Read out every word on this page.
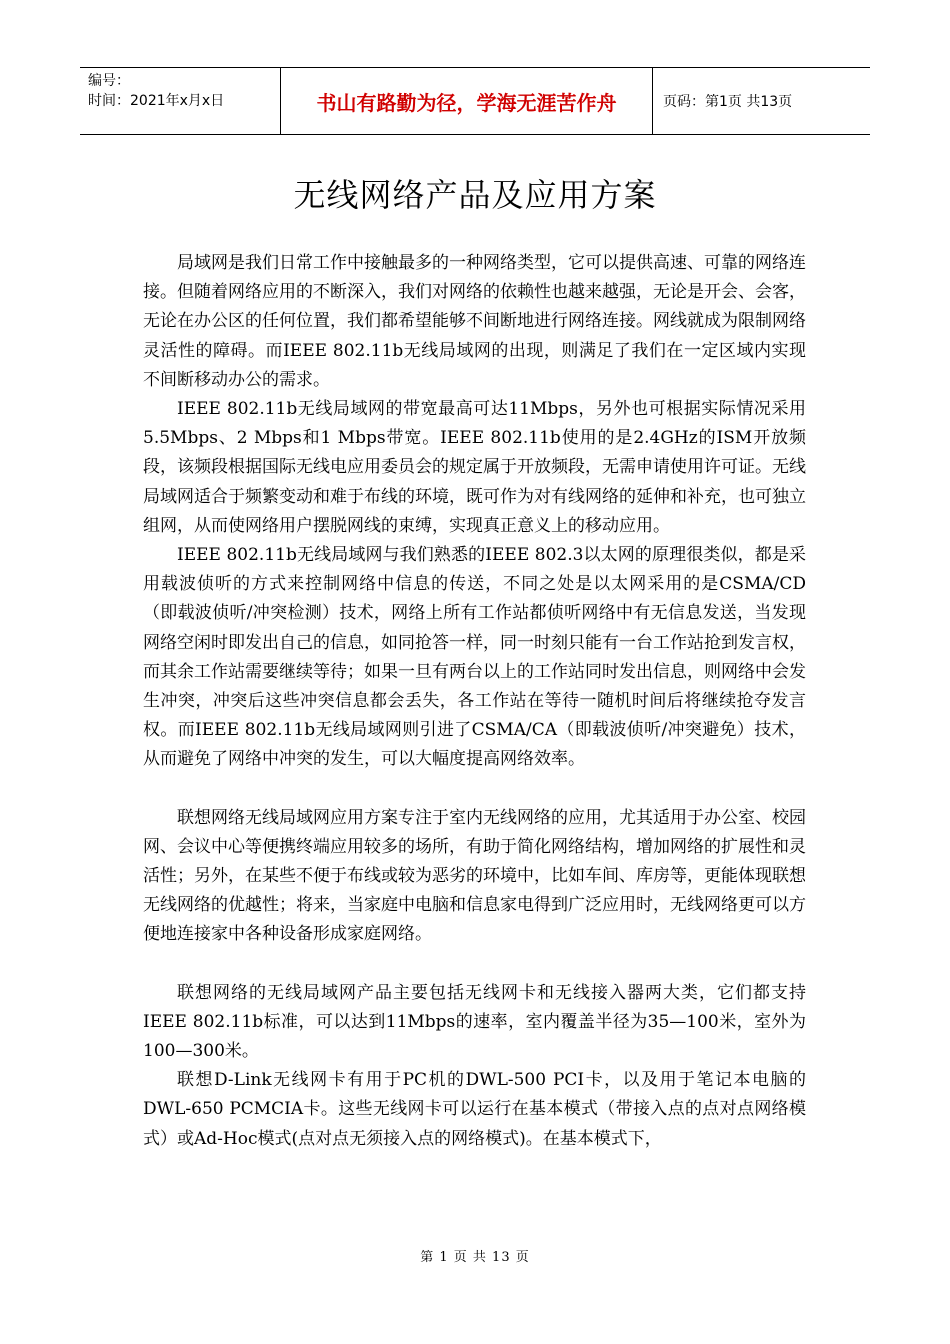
编号：
时间：2021年x月x日	书山有路勤为径，学海无涯苦作舟	页码：第1页 共13页
无线网络产品及应用方案

局域网是我们日常工作中接触最多的一种网络类型，它可以提供高速、可靠的网络连接。但随着网络应用的不断深入，我们对网络的依赖性也越来越强，无论是开会、会客，无论在办公区的任何位置，我们都希望能够不间断地进行网络连接。网线就成为限制网络灵活性的障碍。而IEEE 802.11b无线局域网的出现，则满足了我们在一定区域内实现不间断移动办公的需求。

IEEE 802.11b无线局域网的带宽最高可达11Mbps，另外也可根据实际情况采用5.5Mbps、2 Mbps和1 Mbps带宽。IEEE 802.11b使用的是2.4GHz的ISM开放频段，该频段根据国际无线电应用委员会的规定属于开放频段，无需申请使用许可证。无线局域网适合于频繁变动和难于布线的环境，既可作为对有线网络的延伸和补充，也可独立组网，从而使网络用户摆脱网线的束缚，实现真正意义上的移动应用。

IEEE 802.11b无线局域网与我们熟悉的IEEE 802.3以太网的原理很类似，都是采用载波侦听的方式来控制网络中信息的传送，不同之处是以太网采用的是CSMA/CD（即载波侦听/冲突检测）技术，网络上所有工作站都侦听网络中有无信息发送，当发现网络空闲时即发出自己的信息，如同抢答一样，同一时刻只能有一台工作站抢到发言权，而其余工作站需要继续等待；如果一旦有两台以上的工作站同时发出信息，则网络中会发生冲突，冲突后这些冲突信息都会丢失，各工作站在等待一随机时间后将继续抢夺发言权。而IEEE 802.11b无线局域网则引进了CSMA/CA（即载波侦听/冲突避免）技术，从而避免了网络中冲突的发生，可以大幅度提高网络效率。

联想网络无线局域网应用方案专注于室内无线网络的应用，尤其适用于办公室、校园网、会议中心等便携终端应用较多的场所，有助于简化网络结构，增加网络的扩展性和灵活性；另外，在某些不便于布线或较为恶劣的环境中，比如车间、库房等，更能体现联想无线网络的优越性；将来，当家庭中电脑和信息家电得到广泛应用时，无线网络更可以方便地连接家中各种设备形成家庭网络。

联想网络的无线局域网产品主要包括无线网卡和无线接入器两大类，它们都支持IEEE 802.11b标准，可以达到11Mbps的速率，室内覆盖半径为35—100米，室外为100—300米。

联想D-Link无线网卡有用于PC机的DWL-500 PCI卡，以及用于笔记本电脑的DWL-650 PCMCIA卡。这些无线网卡可以运行在基本模式（带接入点的点对点网络模式）或Ad-Hoc模式(点对点无须接入点的网络模式)。在基本模式下，

第 1 页 共 13 页
